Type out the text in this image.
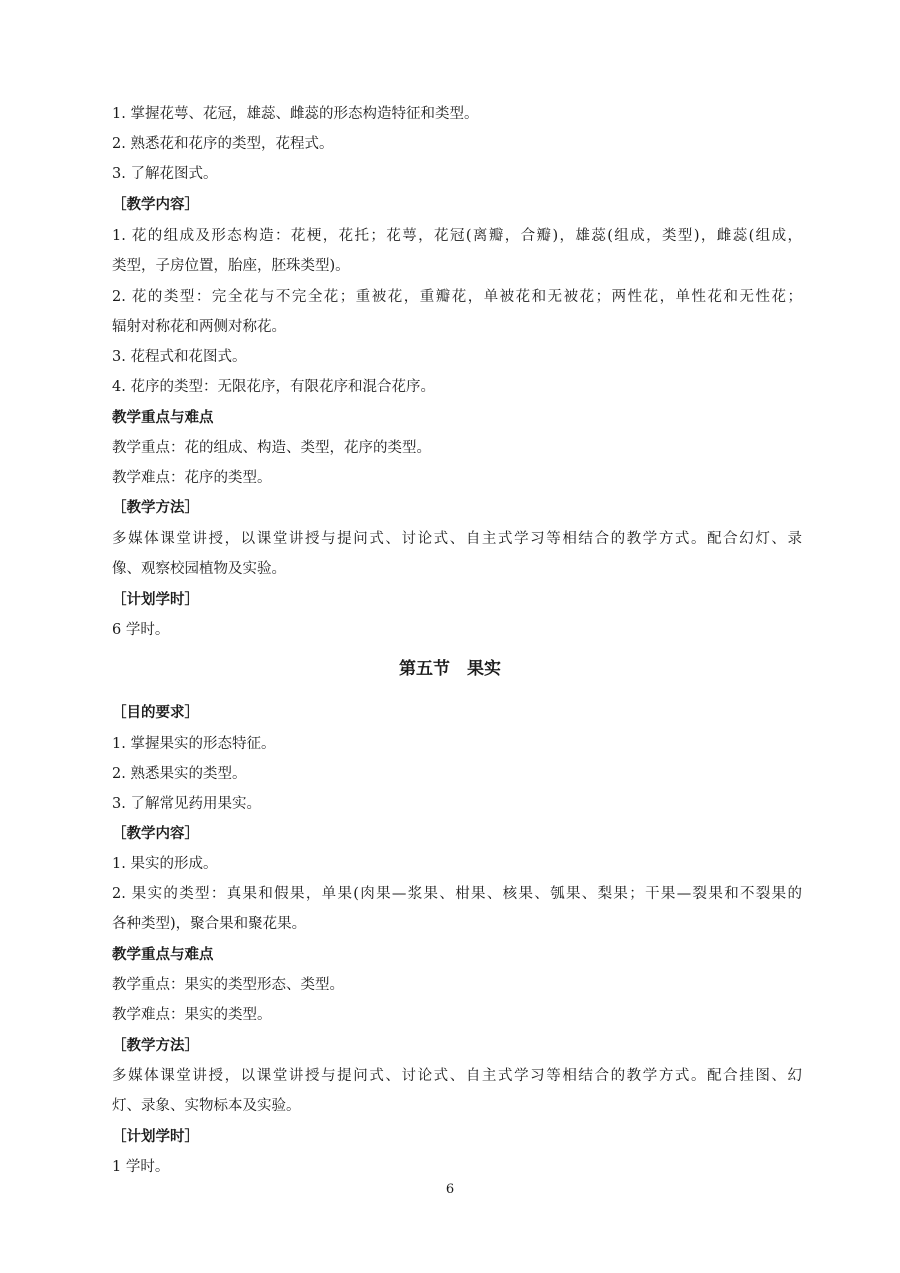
1. 掌握花萼、花冠，雄蕊、雌蕊的形态构造特征和类型。
2. 熟悉花和花序的类型，花程式。
3. 了解花图式。
［教学内容］
1. 花的组成及形态构造：花梗，花托；花萼，花冠(离瓣，合瓣)，雄蕊(组成，类型)，雌蕊(组成，
类型，子房位置，胎座，胚珠类型)。
2. 花的类型：完全花与不完全花；重被花，重瓣花，单被花和无被花；两性花，单性花和无性花；
辐射对称花和两侧对称花。
3. 花程式和花图式。
4. 花序的类型：无限花序，有限花序和混合花序。
教学重点与难点
教学重点：花的组成、构造、类型，花序的类型。
教学难点：花序的类型。
［教学方法］
多媒体课堂讲授，以课堂讲授与提问式、讨论式、自主式学习等相结合的教学方式。配合幻灯、录
像、观察校园植物及实验。
［计划学时］
6 学时。
第五节　果实
［目的要求］
1. 掌握果实的形态特征。
2. 熟悉果实的类型。
3. 了解常见药用果实。
［教学内容］
1. 果实的形成。
2. 果实的类型：真果和假果，单果(肉果—浆果、柑果、核果、瓠果、梨果；干果—裂果和不裂果的
各种类型)，聚合果和聚花果。
教学重点与难点
教学重点：果实的类型形态、类型。
教学难点：果实的类型。
［教学方法］
多媒体课堂讲授，以课堂讲授与提问式、讨论式、自主式学习等相结合的教学方式。配合挂图、幻
灯、录象、实物标本及实验。
［计划学时］
1 学时。
6
